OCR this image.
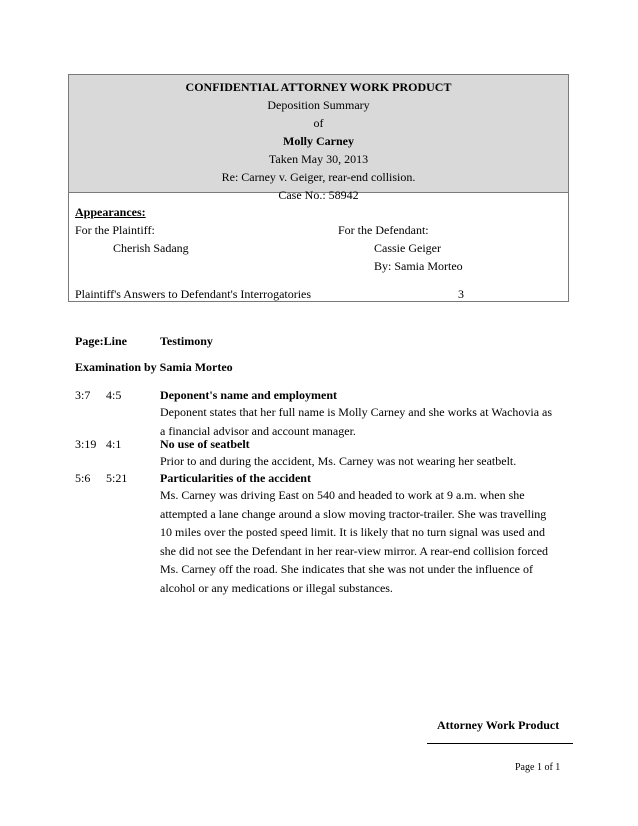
CONFIDENTIAL ATTORNEY WORK PRODUCT
Deposition Summary
of
Molly Carney
Taken May 30, 2013
Re: Carney v. Geiger, rear-end collision.
Case No.: 58942
Appearances:
For the Plaintiff:
Cherish Sadang
For the Defendant:
Cassie Geiger
By: Samia Morteo
Plaintiff's Answers to Defendant's Interrogatories	3
Page:Line	Testimony
Examination by Samia Morteo
3:7 4:5	Deponent's name and employment
Deponent states that her full name is Molly Carney and she works at Wachovia as a financial advisor and account manager.
3:19 4:1	No use of seatbelt
Prior to and during the accident, Ms. Carney was not wearing her seatbelt.
5:6 5:21	Particularities of the accident
Ms. Carney was driving East on 540 and headed to work at 9 a.m. when she attempted a lane change around a slow moving tractor-trailer. She was travelling 10 miles over the posted speed limit. It is likely that no turn signal was used and she did not see the Defendant in her rear-view mirror. A rear-end collision forced Ms. Carney off the road. She indicates that she was not under the influence of alcohol or any medications or illegal substances.
Attorney Work Product
Page 1 of 1
